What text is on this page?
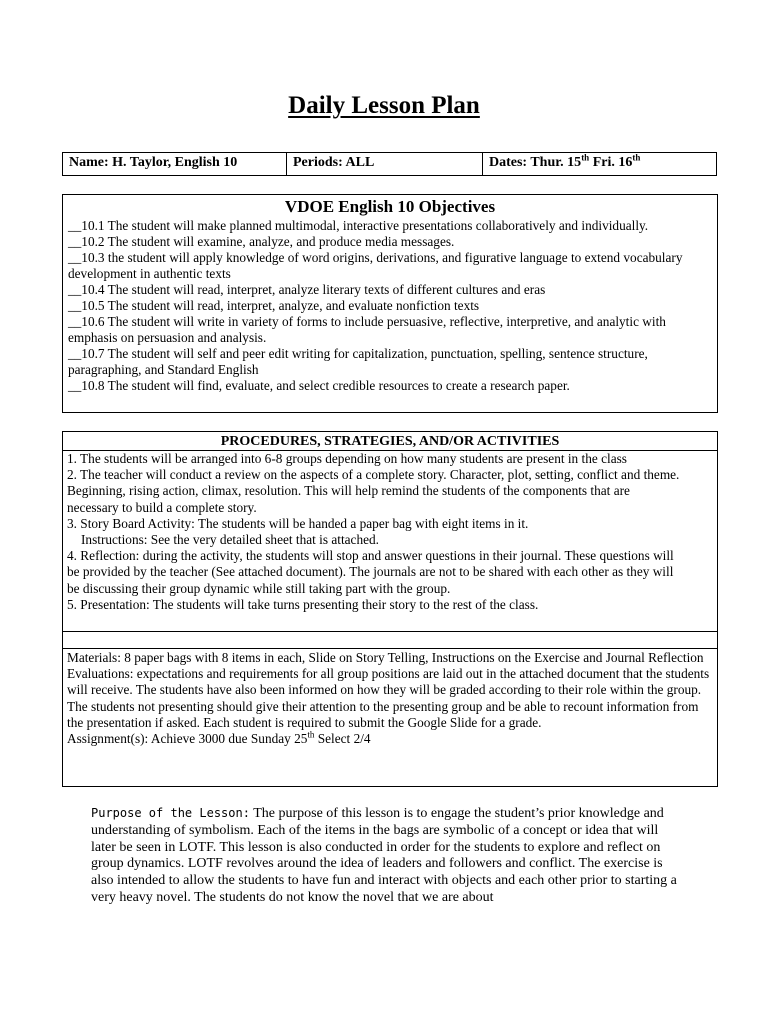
Daily Lesson Plan
Name: H. Taylor, English 10	Periods: ALL	Dates: Thur. 15th Fri. 16th
VDOE English 10 Objectives
__10.1 The student will make planned multimodal, interactive presentations collaboratively and individually.
__10.2 The student will examine, analyze, and produce media messages.
__10.3 the student will apply knowledge of word origins, derivations, and figurative language to extend vocabulary development in authentic texts
__10.4 The student will read, interpret, analyze literary texts of different cultures and eras
__10.5 The student will read, interpret, analyze, and evaluate nonfiction texts
__10.6 The student will write in variety of forms to include persuasive, reflective, interpretive, and analytic with emphasis on persuasion and analysis.
__10.7 The student will self and peer edit writing for capitalization, punctuation, spelling, sentence structure, paragraphing, and Standard English
__10.8 The student will find, evaluate, and select credible resources to create a research paper.
PROCEDURES, STRATEGIES, AND/OR ACTIVITIES
1. The students will be arranged into 6-8 groups depending on how many students are present in the class
2. The teacher will conduct a review on the aspects of a complete story. Character, plot, setting, conflict and theme.
Beginning, rising action, climax, resolution. This will help remind the students of the components that are
necessary to build a complete story.
3. Story Board Activity: The students will be handed a paper bag with eight items in it.
Instructions: See the very detailed sheet that is attached.
4. Reflection: during the activity, the students will stop and answer questions in their journal. These questions will
be provided by the teacher (See attached document). The journals are not to be shared with each other as they will
be discussing their group dynamic while still taking part with the group.
5. Presentation: The students will take turns presenting their story to the rest of the class.

Materials: 8 paper bags with 8 items in each, Slide on Story Telling, Instructions on the Exercise and Journal Reflection

Evaluations: expectations and requirements for all group positions are laid out in the attached document that the students will receive. The students have also been informed on how they will be graded according to their role within the group. The students not presenting should give their attention to the presenting group and be able to recount information from the presentation if asked. Each student is required to submit the Google Slide for a grade.

Assignment(s): Achieve 3000 due Sunday 25th Select 2/4

Purpose of the Lesson: The purpose of this lesson is to engage the student’s prior knowledge and understanding of symbolism. Each of the items in the bags are symbolic of a concept or idea that will later be seen in LOTF. This lesson is also conducted in order for the students to explore and reflect on group dynamics. LOTF revolves around the idea of leaders and followers and conflict. The exercise is also intended to allow the students to have fun and interact with objects and each other prior to starting a very heavy novel. The students do not know the novel that we are about
